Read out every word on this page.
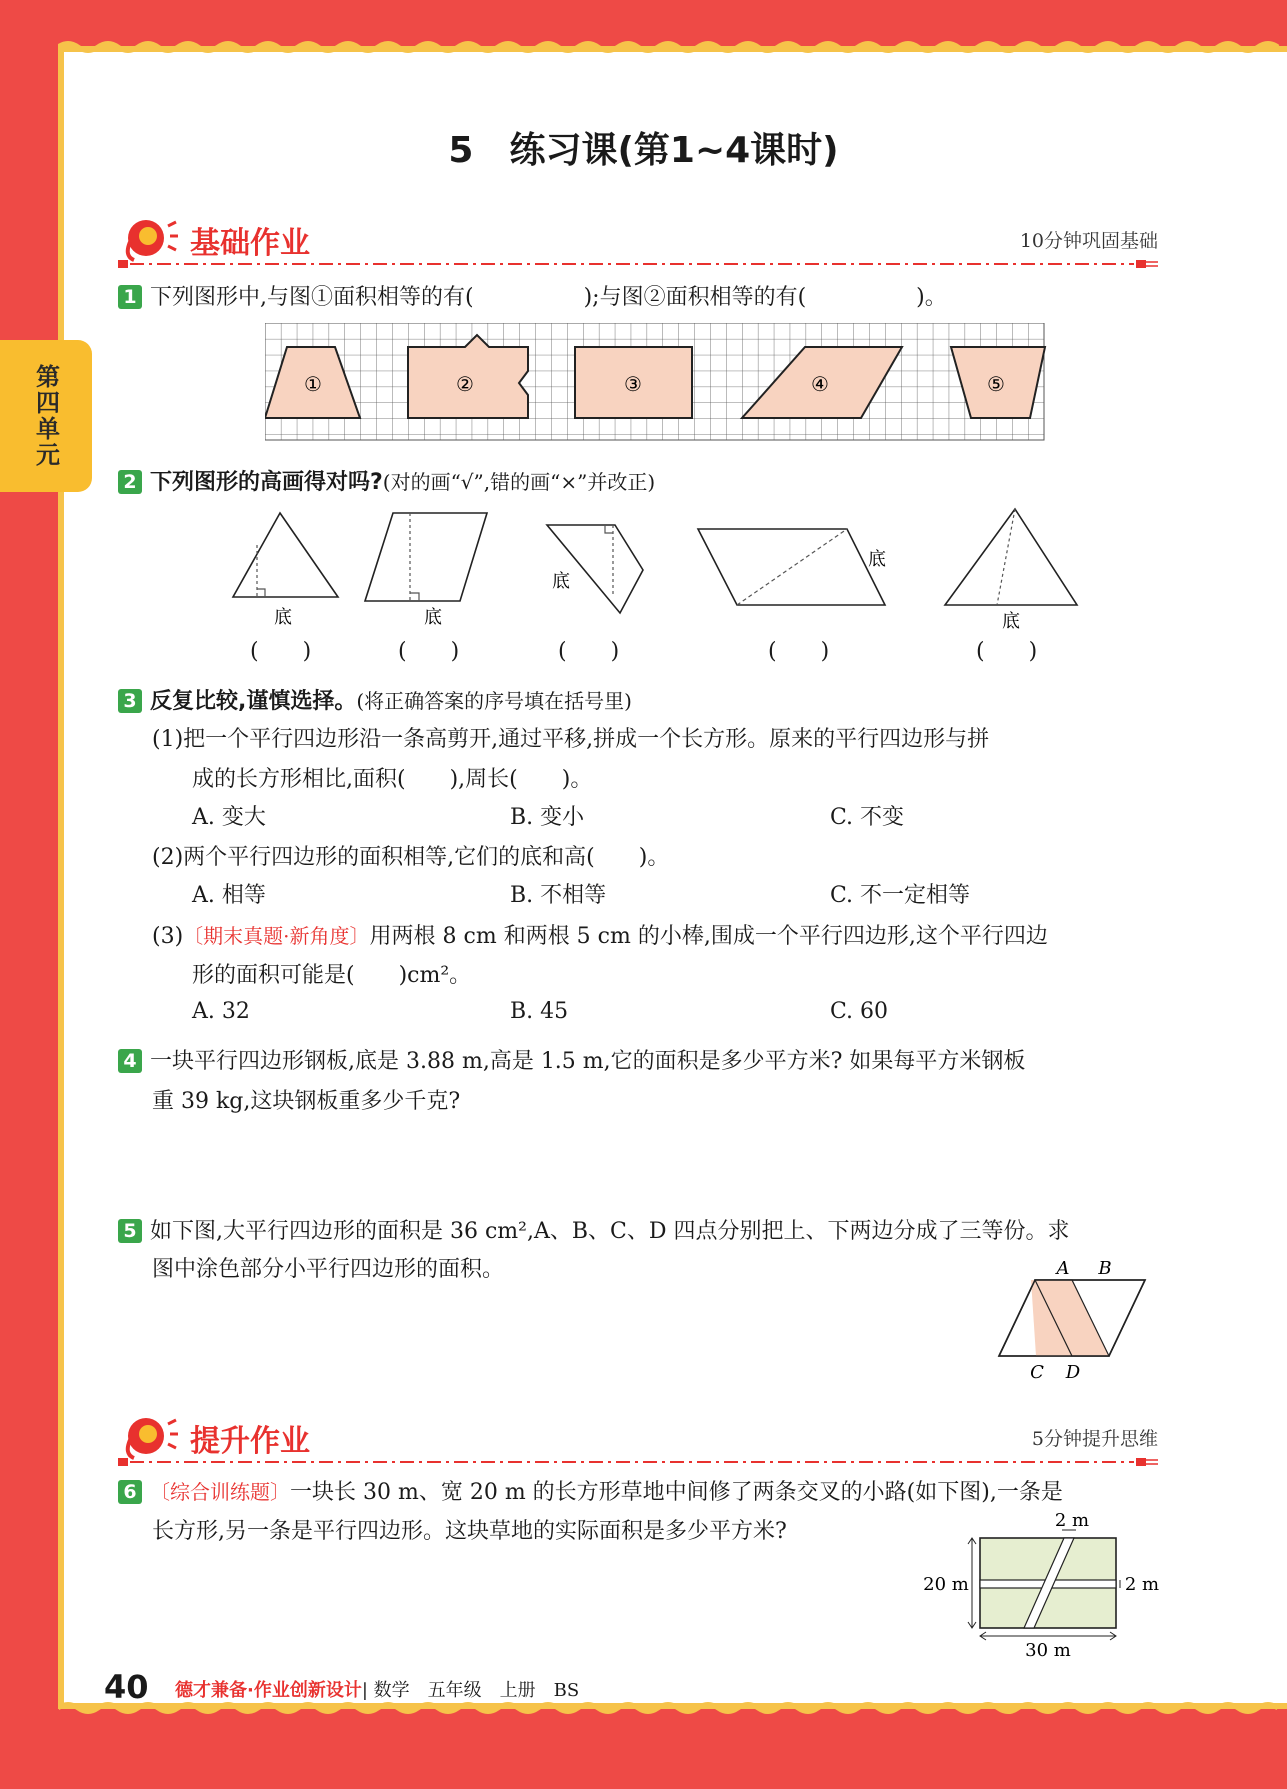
第四单元
5　练习课(第1~4课时)
基础作业	10分钟巩固基础
1 下列图形中,与图①面积相等的有(　　　　　);与图②面积相等的有(　　　　　)。
①	②	③	④	⑤
2 下列图形的高画得对吗?(对的画“√”,错的画“×”并改正)
底	底
底
底
底
(　　)	(　　)	(　　)	(　　)	(　　)
3 反复比较,谨慎选择。(将正确答案的序号填在括号里)
(1)把一个平行四边形沿一条高剪开,通过平移,拼成一个长方形。原来的平行四边形与拼
成的长方形相比,面积(　　),周长(　　)。
A. 变大	B. 变小	C. 不变
(2)两个平行四边形的面积相等,它们的底和高(　　)。
A. 相等	B. 不相等	C. 不一定相等
(3)〔期末真题·新角度〕用两根 8 cm 和两根 5 cm 的小棒,围成一个平行四边形,这个平行四边
形的面积可能是(　　)cm²。
A. 32	B. 45	C. 60
4 一块平行四边形钢板,底是 3.88 m,高是 1.5 m,它的面积是多少平方米? 如果每平方米钢板
重 39 kg,这块钢板重多少千克?
5 如下图,大平行四边形的面积是 36 cm²,A、B、C、D 四点分别把上、下两边分成了三等份。求
图中涂色部分小平行四边形的面积。	A B
C D
提升作业	5分钟提升思维
6 〔综合训练题〕一块长 30 m、宽 20 m 的长方形草地中间修了两条交叉的小路(如下图),一条是
长方形,另一条是平行四边形。这块草地的实际面积是多少平方米?	2 m
20 m	2 m
30 m
40 德才兼备·作业创新设计| 数学　五年级　上册　BS
